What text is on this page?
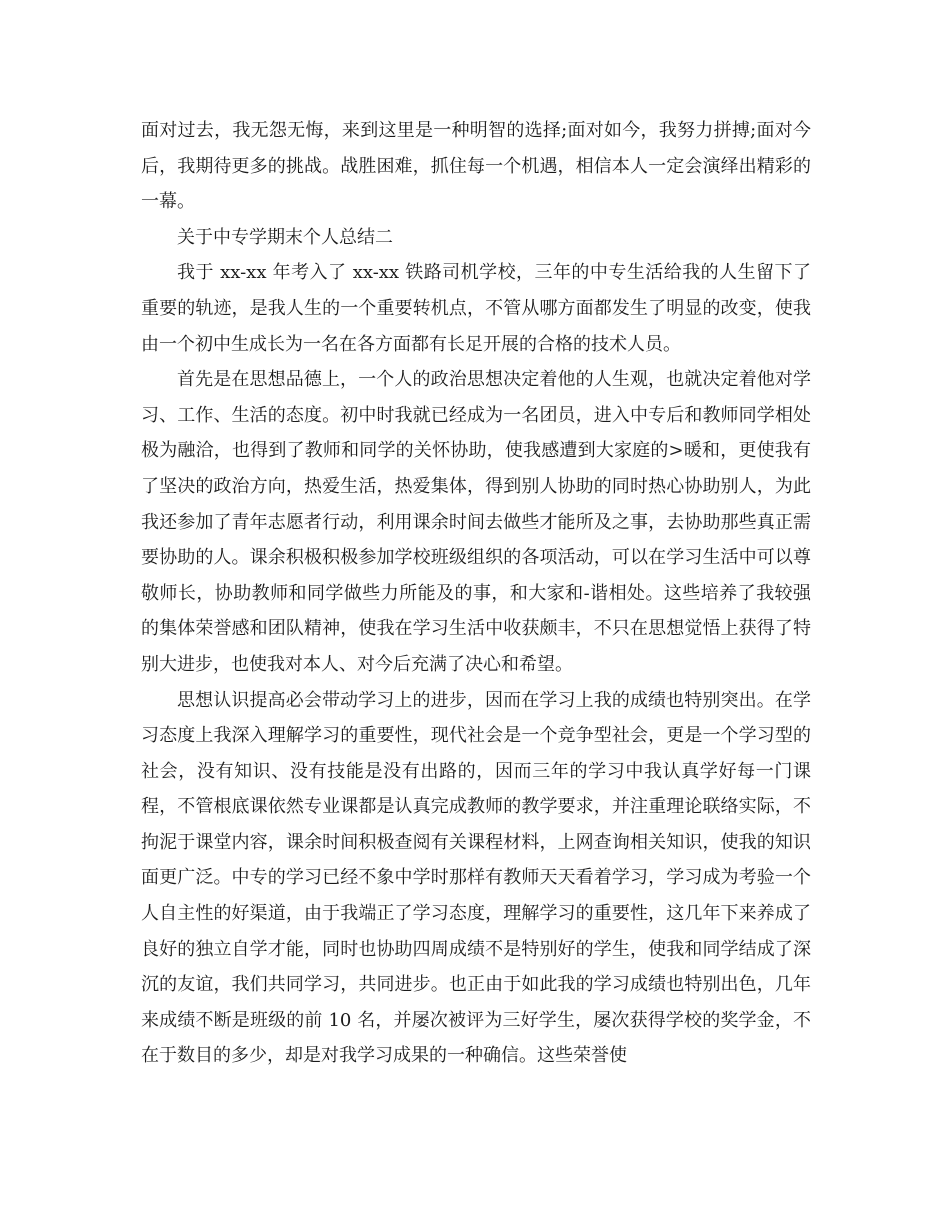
面对过去，我无怨无悔，来到这里是一种明智的选择;面对如今，我努力拼搏;面对今后，我期待更多的挑战。战胜困难，抓住每一个机遇，相信本人一定会演绎出精彩的一幕。

关于中专学期末个人总结二

我于 xx-xx 年考入了 xx-xx 铁路司机学校，三年的中专生活给我的人生留下了重要的轨迹，是我人生的一个重要转机点，不管从哪方面都发生了明显的改变，使我由一个初中生成长为一名在各方面都有长足开展的合格的技术人员。

首先是在思想品德上，一个人的政治思想决定着他的人生观，也就决定着他对学习、工作、生活的态度。初中时我就已经成为一名团员，进入中专后和教师同学相处极为融洽，也得到了教师和同学的关怀协助，使我感遭到大家庭的>暖和，更使我有了坚决的政治方向，热爱生活，热爱集体，得到别人协助的同时热心协助别人，为此我还参加了青年志愿者行动，利用课余时间去做些才能所及之事，去协助那些真正需要协助的人。课余积极积极参加学校班级组织的各项活动，可以在学习生活中可以尊敬师长，协助教师和同学做些力所能及的事，和大家和-谐相处。这些培养了我较强的集体荣誉感和团队精神，使我在学习生活中收获颇丰，不只在思想觉悟上获得了特别大进步，也使我对本人、对今后充满了决心和希望。

思想认识提高必会带动学习上的进步，因而在学习上我的成绩也特别突出。在学习态度上我深入理解学习的重要性，现代社会是一个竞争型社会，更是一个学习型的社会，没有知识、没有技能是没有出路的，因而三年的学习中我认真学好每一门课程，不管根底课依然专业课都是认真完成教师的教学要求，并注重理论联络实际，不拘泥于课堂内容，课余时间积极查阅有关课程材料，上网查询相关知识，使我的知识面更广泛。中专的学习已经不象中学时那样有教师天天看着学习，学习成为考验一个人自主性的好渠道，由于我端正了学习态度，理解学习的重要性，这几年下来养成了良好的独立自学才能，同时也协助四周成绩不是特别好的学生，使我和同学结成了深沉的友谊，我们共同学习，共同进步。也正由于如此我的学习成绩也特别出色，几年来成绩不断是班级的前 10 名，并屡次被评为三好学生，屡次获得学校的奖学金，不在于数目的多少，却是对我学习成果的一种确信。这些荣誉使
